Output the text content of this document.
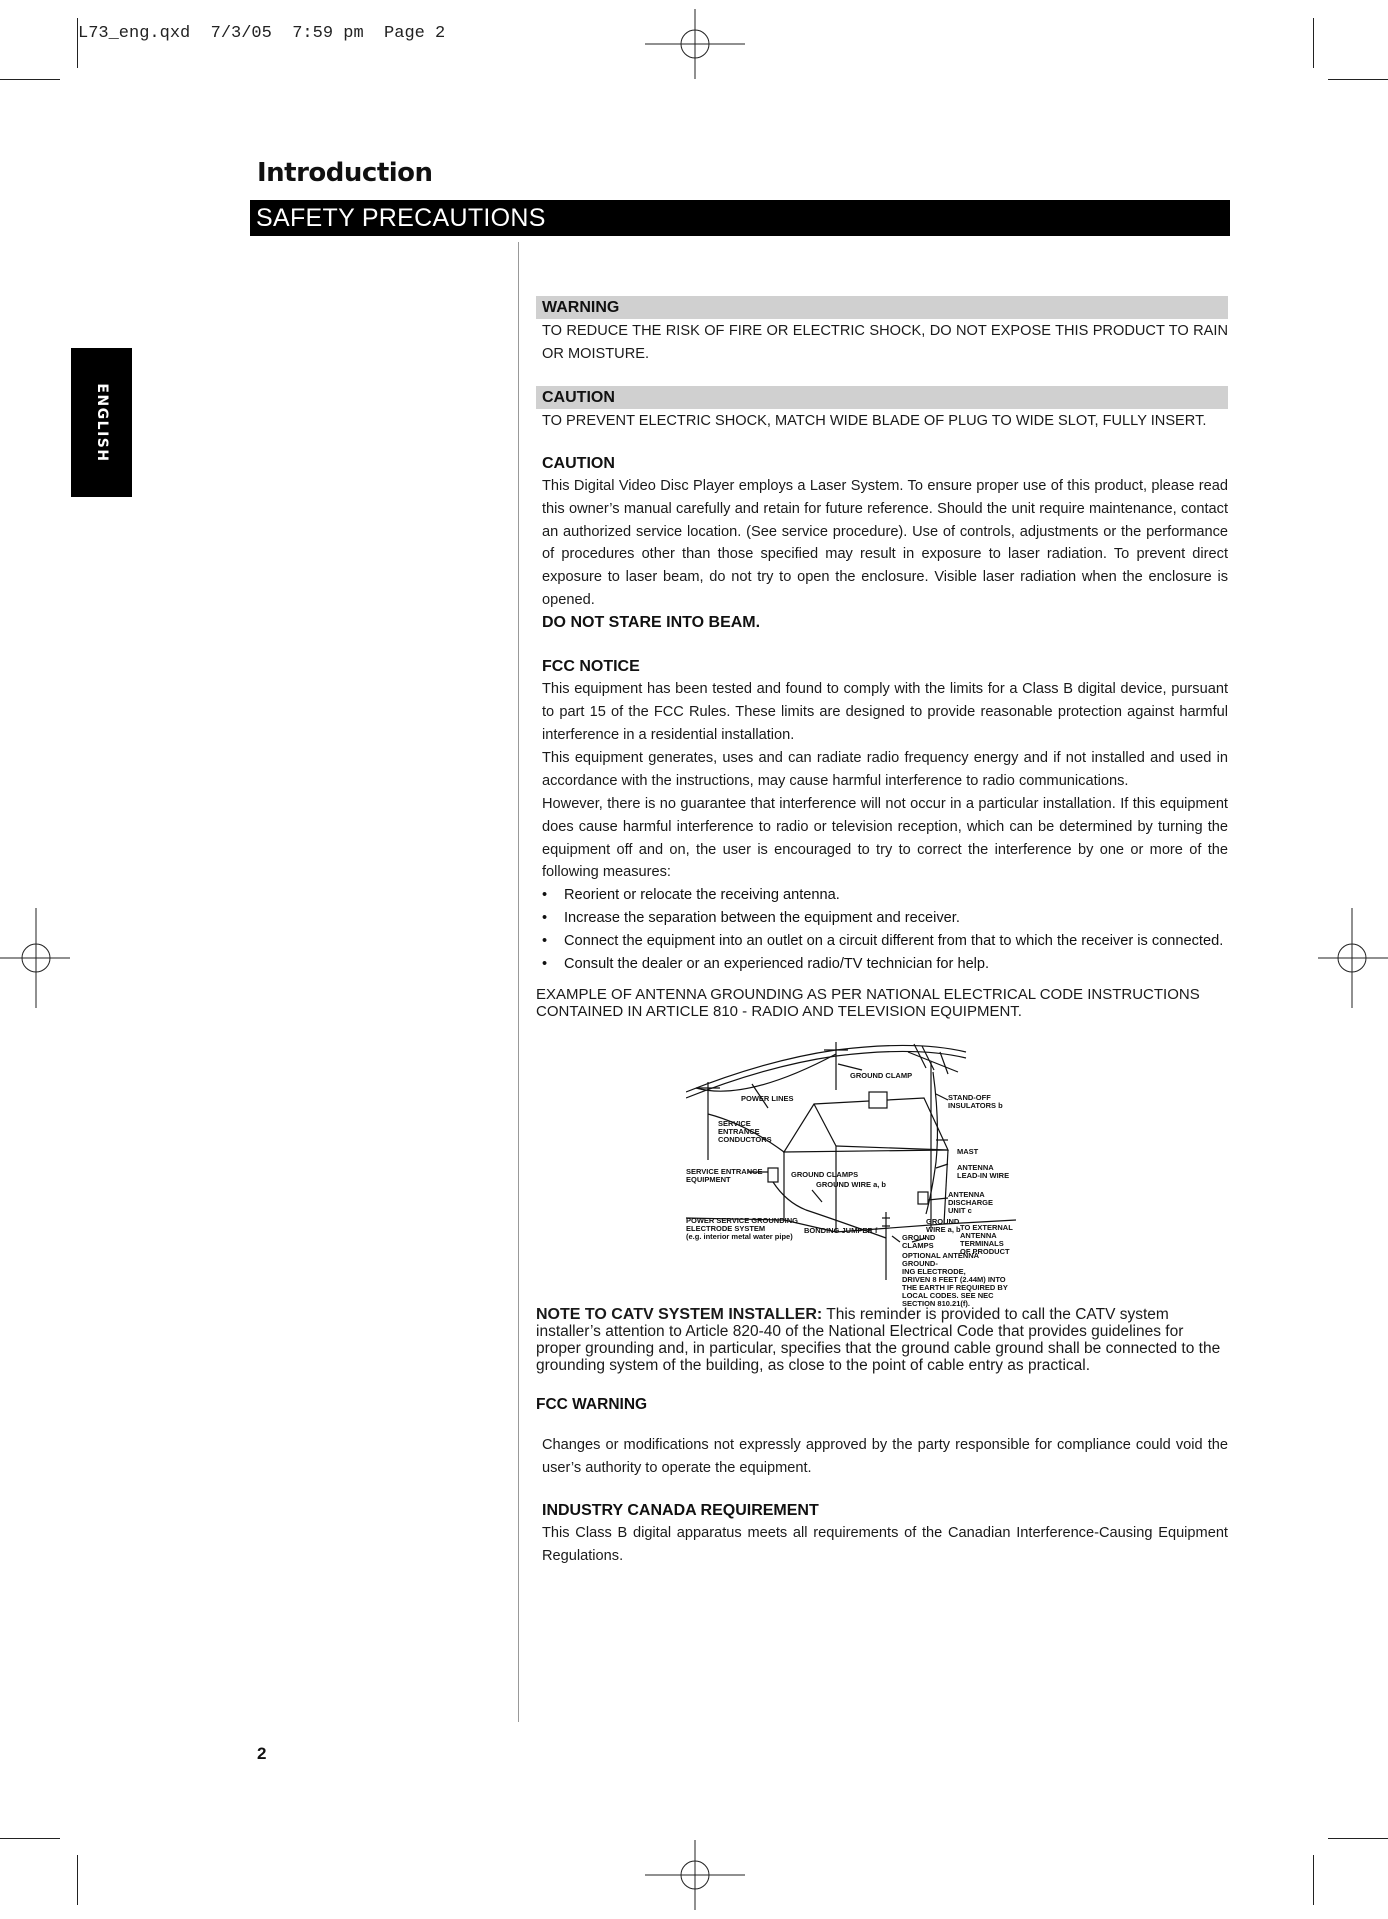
L73_eng.qxd  7/3/05  7:59 pm  Page 2
Introduction
SAFETY PRECAUTIONS
ENGLISH
WARNING
TO REDUCE THE RISK OF FIRE OR ELECTRIC SHOCK, DO NOT EXPOSE THIS PRODUCT TO RAIN OR MOISTURE.
CAUTION
TO PREVENT ELECTRIC SHOCK, MATCH WIDE BLADE OF PLUG TO WIDE SLOT, FULLY INSERT.
CAUTION
This Digital Video Disc Player employs a Laser System. To ensure proper use of this product, please read this owner’s manual carefully and retain for future reference. Should the unit require maintenance, contact an authorized service location. (See service procedure). Use of controls, adjustments or the performance of procedures other than those specified may result in exposure to laser radiation. To prevent direct exposure to laser beam, do not try to open the enclosure. Visible laser radiation when the enclosure is opened.
DO NOT STARE INTO BEAM.
FCC NOTICE
This equipment has been tested and found to comply with the limits for a Class B digital device, pursuant to part 15 of the FCC Rules. These limits are designed to provide reasonable protection against harmful interference in a residential installation.
This equipment generates, uses and can radiate radio frequency energy and if not installed and used in accordance with the instructions, may cause harmful interference to radio communications.
However, there is no guarantee that interference will not occur in a particular installation. If this equipment does cause harmful interference to radio or television reception, which can be determined by turning the equipment off and on, the user is encouraged to try to correct the interference by one or more of the following measures:
• Reorient or relocate the receiving antenna.
• Increase the separation between the equipment and receiver.
• Connect the equipment into an outlet on a circuit different from that to which the receiver is connected.
• Consult the dealer or an experienced radio/TV technician for help.
EXAMPLE OF ANTENNA GROUNDING AS PER NATIONAL ELECTRICAL CODE INSTRUCTIONS CONTAINED IN ARTICLE 810 - RADIO AND TELEVISION EQUIPMENT.
GROUND CLAMP
POWER LINES	STAND-OFF
INSULATORS b
SERVICE
ENTRANCE
CONDUCTORS
MAST
ANTENNA
LEAD-IN WIRE
SERVICE ENTRANCE
EQUIPMENT
GROUND CLAMPS
GROUND WIRE a, b
ANTENNA
DISCHARGE
UNIT c
POWER SERVICE GROUNDING
ELECTRODE SYSTEM
(e.g. interior metal water pipe)
BONDING JUMPER f
GROUND
WIRE a, b TO EXTERNAL
ANTENNA
TERMINALS
OF PRODUCT
GROUND
CLAMPS
OPTIONAL ANTENNA GROUND-
ING ELECTRODE,
DRIVEN 8 FEET (2.44M) INTO
THE EARTH IF REQUIRED BY
LOCAL CODES. SEE NEC
SECTION 810.21(f).
NOTE TO CATV SYSTEM INSTALLER: This reminder is provided to call the CATV system installer’s attention to Article 820-40 of the National Electrical Code that provides guidelines for proper grounding and, in particular, specifies that the ground cable ground shall be connected to the grounding system of the building, as close to the point of cable entry as practical.
FCC WARNING
Changes or modifications not expressly approved by the party responsible for compliance could void the user’s authority to operate the equipment.
INDUSTRY CANADA REQUIREMENT
This Class B digital apparatus meets all requirements of the Canadian Interference-Causing Equipment Regulations.
2
